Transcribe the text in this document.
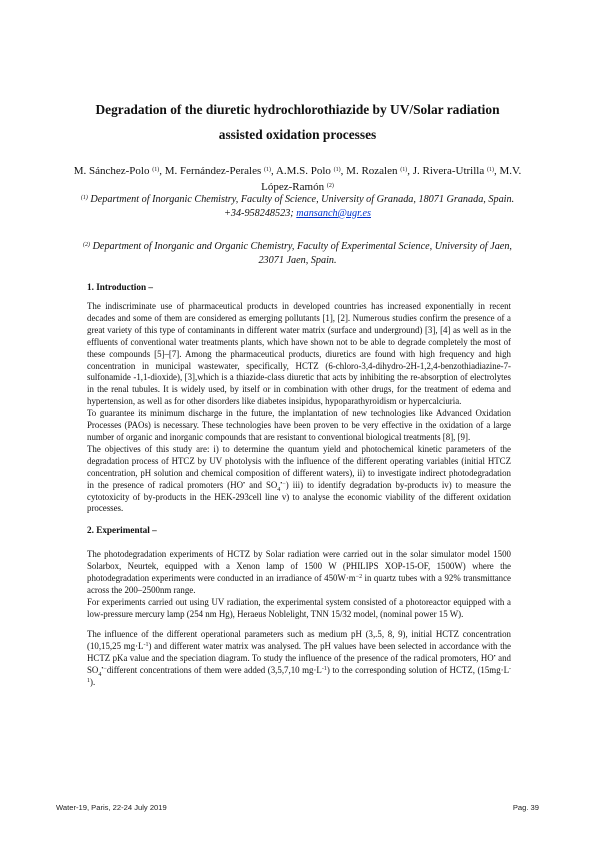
Degradation of the diuretic hydrochlorothiazide by UV/Solar radiation
assisted oxidation processes
M. Sánchez-Polo $^{(1)}$, M. Fernández-Perales $^{(1)}$, A.M.S. Polo $^{(1)}$, M. Rozalen $^{(1)}$, J. Rivera-Utrilla $^{(1)}$, M.V. López-Ramón $^{(2)}$
$^{(1)}$ Department of Inorganic Chemistry, Faculty of Science, University of Granada, 18071 Granada, Spain.
+34-958248523; mansanch@ugr.es
$^{(2)}$ Department of Inorganic and Organic Chemistry, Faculty of Experimental Science, University of Jaen, 23071 Jaen, Spain.
1. Introduction –

The indiscriminate use of pharmaceutical products in developed countries has increased exponentially in recent decades and some of them are considered as emerging pollutants [1], [2]. Numerous studies confirm the presence of a great variety of this type of contaminants in different water matrix (surface and underground) [3], [4] as well as in the effluents of conventional water treatments plants, which have shown not to be able to degrade completely the most of these compounds [5]–[7]. Among the pharmaceutical products, diuretics are found with high frequency and high concentration in municipal wastewater, specifically, HCTZ (6-chloro-3,4-dihydro-2H-1,2,4-benzothiadiazine-7-sulfonamide -1,1-dioxide), [3],which is a thiazide-class diuretic that acts by inhibiting the re-absorption of electrolytes in the renal tubules. It is widely used, by itself or in combination with other drugs, for the treatment of edema and hypertension, as well as for other disorders like diabetes insipidus, hypoparathyroidism or hypercalciuria.

To guarantee its minimum discharge in the future, the implantation of new technologies like Advanced Oxidation Processes (PAOs) is necessary. These technologies have been proven to be very effective in the oxidation of a large number of organic and inorganic compounds that are resistant to conventional biological treatments [8], [9].

The objectives of this study are: i) to determine the quantum yield and photochemical kinetic parameters of the degradation process of HTCZ by UV photolysis with the influence of the different operating variables (initial HTCZ concentration, pH solution and chemical composition of different waters), ii) to investigate indirect photodegradation in the presence of radical promoters (HO• and $SO_4^{•-}$) iii) to identify degradation by-products iv) to measure the cytotoxicity of by-products in the HEK-293cell line v) to analyse the economic viability of the different oxidation processes.

2. Experimental –

The photodegradation experiments of HCTZ by Solar radiation were carried out in the solar simulator model 1500 Solarbox, Neurtek, equipped with a Xenon lamp of 1500 W (PHILIPS XOP-15-OF, 1500W) where the photodegradation experiments were conducted in an irradiance of $450W\cdot m^{-2}$ in quartz tubes with a 92% transmittance across the 200–2500nm range.

For experiments carried out using UV radiation, the experimental system consisted of a photoreactor equipped with a low-pressure mercury lamp (254 nm Hg), Heraeus Noblelight, TNN 15/32 model, (nominal power 15 W).

The influence of the different operational parameters such as medium pH (3,.5, 8, 9), initial HCTZ concentration (10,15,25 $mg\cdot L^{-1}$) and different water matrix was analysed. The pH values have been selected in accordance with the HCTZ pKa value and the speciation diagram. To study the influence of the presence of the radical promoters, HO• and $SO_4^{•-}different$ concentrations of them were added (3,5,7,10 $mg\cdot L^{-1}$) to the corresponding solution of HCTZ, $(15mg\cdot L^{-1})$.

Water-19, Paris, 22-24 July 2019	Pag. 39
